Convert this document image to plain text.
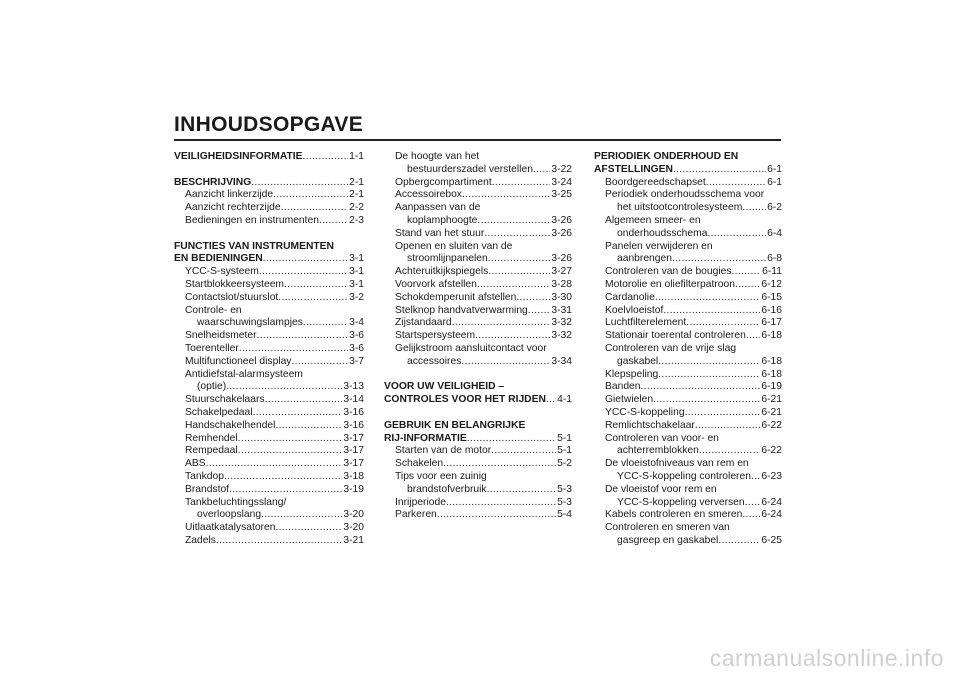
INHOUDSOPGAVE
VEILIGHEIDSINFORMATIE .....	1-1
BESCHRIJVING .....	2-1
Aanzicht linkerzijde .....	2-1
Aanzicht rechterzijde .....	2-2
Bedieningen en instrumenten .....	2-3
FUNCTIES VAN INSTRUMENTEN
EN BEDIENINGEN .....	3-1
YCC-S-systeem .....	3-1
Startblokkeersysteem .....	3-1
Contactslot/stuurslot .....	3-2
Controle- en
waarschuwingslampjes .....	3-4
Snelheidsmeter .....	3-6
Toerenteller .....	3-6
Multifunctioneel display .....	3-7
Antidiefstal-alarmsysteem
(optie) .....	3-13
Stuurschakelaars .....	3-14
Schakelpedaal .....	3-16
Handschakelhendel .....	3-16
Remhendel .....	3-17
Rempedaal .....	3-17
ABS .....	3-17
Tankdop .....	3-18
Brandstof .....	3-19
Tankbeluchtingsslang/
overloopslang .....	3-20
Uitlaatkatalysatoren .....	3-20
Zadels .....	3-21
De hoogte van het
bestuurderszadel verstellen ..... 3-22
Opbergcompartiment .....	3-24
Accessoirebox .....	3-25
Aanpassen van de
koplamphoogte .....	3-26
Stand van het stuur .....	3-26
Openen en sluiten van de
stroomlijnpanelen .....	3-26
Achteruitkijkspiegels .....	3-27
Voorvork afstellen .....	3-28
Schokdemperunit afstellen .....	3-30
Stelknop handvatverwarming ..... 3-31
Zijstandaard .....	3-32
Startspersysteem .....	3-32
Gelijkstroom aansluitcontact voor
accessoires .....	3-34
VOOR UW VEILIGHEID –
CONTROLES VOOR HET RIJDEN ..... 4-1
GEBRUIK EN BELANGRIJKE
RIJ-INFORMATIE .....	5-1
Starten van de motor .....	5-1
Schakelen .....	5-2
Tips voor een zuinig
brandstofverbruik .....	5-3
Inrijperiode .....	5-3
Parkeren .....	5-4
PERIODIEK ONDERHOUD EN
AFSTELLINGEN .....	6-1
Boordgereedschapset .....	6-1
Periodiek onderhoudsschema voor
het uitstootcontrolesysteem ..... 6-2
Algemeen smeer- en
onderhoudsschema .....	6-4
Panelen verwijderen en
aanbrengen .....	6-8
Controleren van de bougies .....	6-11
Motorolie en oliefilterpatroon .....	6-12
Cardanolie .....	6-15
Koelvloeistof .....	6-16
Luchtfilterelement .....	6-17
Stationair toerental controleren ..... 6-18
Controleren van de vrije slag
gaskabel .....	6-18
Klepspeling .....	6-18
Banden .....	6-19
Gietwielen .....	6-21
YCC-S-koppeling .....	6-21
Remlichtschakelaar .....	6-22
Controleren van voor- en
achterremblokken .....	6-22
De vloeistofniveaus van rem en
YCC-S-koppeling controleren ..... 6-23
De vloeistof voor rem en
YCC-S-koppeling verversen ..... 6-24
Kabels controleren en smeren ..... 6-24
Controleren en smeren van
gasgreep en gaskabel .....	6-25
carmanualsonline.info
